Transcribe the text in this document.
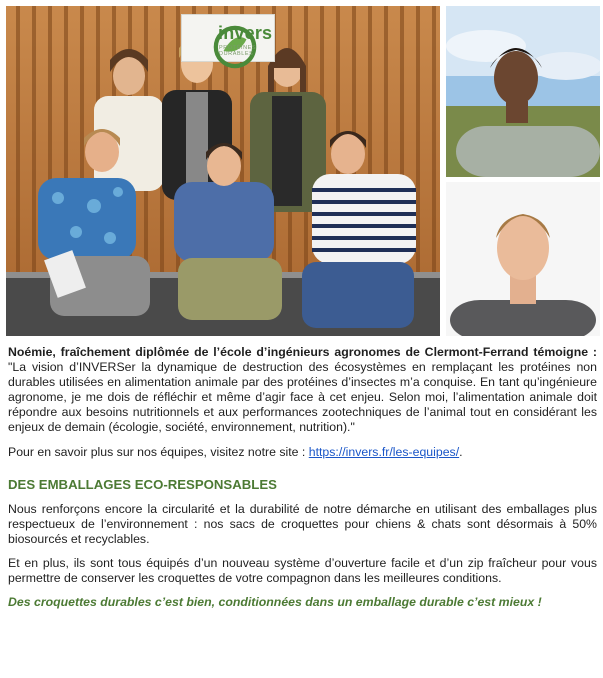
invers
PROTÉINES DURABLES

Noémie, fraîchement diplômée de l’école d’ingénieurs agronomes de Clermont-Ferrand témoigne : "La vision d’INVERSer la dynamique de destruction des écosystèmes en remplaçant les protéines non durables utilisées en alimentation animale par des protéines d’insectes m’a conquise. En tant qu’ingénieure agronome, je me dois de réfléchir et même d’agir face à cet enjeu. Selon moi, l’alimentation animale doit répondre aux besoins nutritionnels et aux performances zootechniques de l’animal tout en considérant les enjeux de demain (écologie, société, environnement, nutrition)."

Pour en savoir plus sur nos équipes, visitez notre site : https://invers.fr/les-equipes/.

DES EMBALLAGES ECO-RESPONSABLES

Nous renforçons encore la circularité et la durabilité de notre démarche en utilisant des emballages plus respectueux de l’environnement : nos sacs de croquettes pour chiens & chats sont désormais à 50% biosourcés et recyclables.

Et en plus, ils sont tous équipés d’un nouveau système d’ouverture facile et d’un zip fraîcheur pour vous permettre de conserver les croquettes de votre compagnon dans les meilleures conditions.

Des croquettes durables c’est bien, conditionnées dans un emballage durable c’est mieux !
